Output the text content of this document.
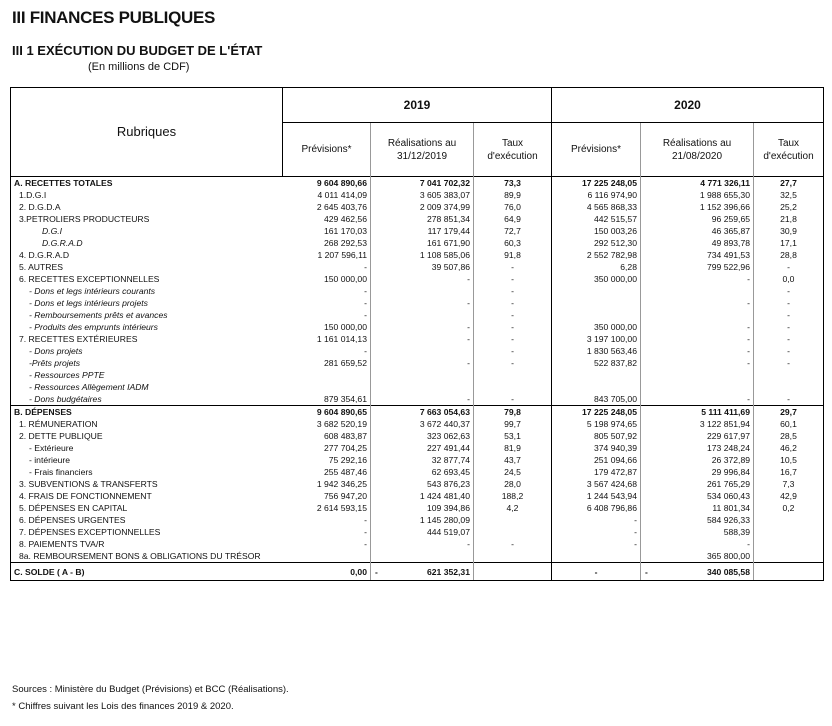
III FINANCES PUBLIQUES
III 1 EXÉCUTION DU BUDGET DE L'ÉTAT
(En millions de CDF)
Rubriques	2019			2020		
	Prévisions*	Réalisations au 31/12/2019	Taux d'exécution	Prévisions*	Réalisations au 21/08/2020	Taux d'exécution
A. RECETTES TOTALES	9 604 890,66	7 041 702,32	73,3	17 225 248,05	4 771 326,11	27,7
1.D.G.I	4 011 414,09	3 605 383,07	89,9	6 116 974,90	1 988 655,30	32,5
2. D.G.D.A	2 645 403,76	2 009 374,99	76,0	4 565 868,33	1 152 396,66	25,2
3.PETROLIERS PRODUCTEURS	429 462,56	278 851,34	64,9	442 515,57	96 259,65	21,8
D.G.I	161 170,03	117 179,44	72,7	150 003,26	46 365,87	30,9
D.G.R.A.D	268 292,53	161 671,90	60,3	292 512,30	49 893,78	17,1
4. D.G.R.A.D	1 207 596,11	1 108 585,06	91,8	2 552 782,98	734 491,53	28,8
5. AUTRES	-	39 507,86	-	6,28	799 522,96	-
6. RECETTES EXCEPTIONNELLES	150 000,00	-	-	350 000,00	-	0,0
- Dons et legs intérieurs courants	-		-			-
- Dons et legs intérieurs projets	-	-	-		-	-
- Remboursements prêts et avances	-		-			-
- Produits des emprunts intérieurs	150 000,00	-	-	350 000,00	-	-
7. RECETTES EXTÉRIEURES	1 161 014,13	-	-	3 197 100,00	-	-
- Dons projets	-		-	1 830 563,46	-	-
-Prêts projets	281 659,52	-	-	522 837,82	-	-
- Ressources PPTE						
- Ressources Allègement IADM						
- Dons budgétaires	879 354,61	-	-	843 705,00	-	-
B. DÉPENSES	9 604 890,65	7 663 054,63	79,8	17 225 248,05	5 111 411,69	29,7
1. RÉMUNERATION	3 682 520,19	3 672 440,37	99,7	5 198 974,65	3 122 851,94	60,1
2. DETTE PUBLIQUE	608 483,87	323 062,63	53,1	805 507,92	229 617,97	28,5
- Extérieure	277 704,25	227 491,44	81,9	374 940,39	173 248,24	46,2
- intérieure	75 292,16	32 877,74	43,7	251 094,66	26 372,89	10,5
- Frais financiers	255 487,46	62 693,45	24,5	179 472,87	29 996,84	16,7
3. SUBVENTIONS & TRANSFERTS	1 942 346,25	543 876,23	28,0	3 567 424,68	261 765,29	7,3
4. FRAIS DE FONCTIONNEMENT	756 947,20	1 424 481,40	188,2	1 244 543,94	534 060,43	42,9
5. DÉPENSES EN CAPITAL	2 614 593,15	109 394,86	4,2	6 408 796,86	11 801,34	0,2
6. DÉPENSES URGENTES	-	1 145 280,09		-	584 926,33	
7. DÉPENSES EXCEPTIONNELLES	-	444 519,07		-	588,39	
8. PAIEMENTS TVA/R	-	-	-	-	-	
8a. REMBOURSEMENT BONS & OBLIGATIONS DU TRÉSOR					365 800,00	
C. SOLDE ( A - B)	0,00	- 621 352,31		-	- 340 085,58	
Sources : Ministère du Budget (Prévisions) et BCC (Réalisations).
* Chiffres suivant les Lois des finances 2019 & 2020.
